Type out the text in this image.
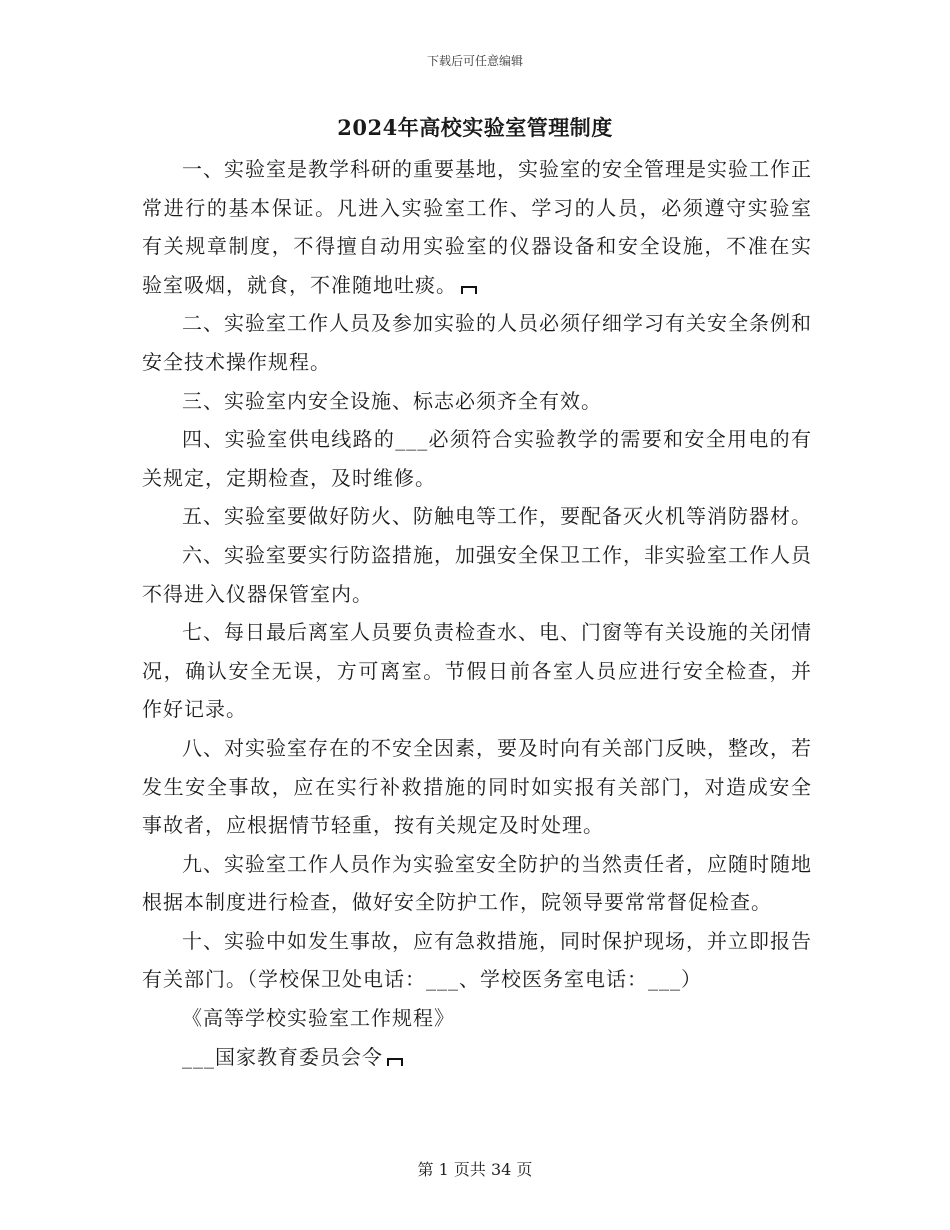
下载后可任意编辑
2024年高校实验室管理制度

一、实验室是教学科研的重要基地，实验室的安全管理是实验工作正常进行的基本保证。凡进入实验室工作、学习的人员，必须遵守实验室有关规章制度，不得擅自动用实验室的仪器设备和安全设施，不准在实验室吸烟，就食，不准随地吐痰。

二、实验室工作人员及参加实验的人员必须仔细学习有关安全条例和安全技术操作规程。

三、实验室内安全设施、标志必须齐全有效。

四、实验室供电线路的___必须符合实验教学的需要和安全用电的有关规定，定期检查，及时维修。

五、实验室要做好防火、防触电等工作，要配备灭火机等消防器材。

六、实验室要实行防盗措施，加强安全保卫工作，非实验室工作人员不得进入仪器保管室内。

七、每日最后离室人员要负责检查水、电、门窗等有关设施的关闭情况，确认安全无误，方可离室。节假日前各室人员应进行安全检查，并作好记录。

八、对实验室存在的不安全因素，要及时向有关部门反映，整改，若发生安全事故，应在实行补救措施的同时如实报有关部门，对造成安全事故者，应根据情节轻重，按有关规定及时处理。

九、实验室工作人员作为实验室安全防护的当然责任者，应随时随地根据本制度进行检查，做好安全防护工作，院领导要常常督促检查。

十、实验中如发生事故，应有急救措施，同时保护现场，并立即报告有关部门。（学校保卫处电话：___、学校医务室电话：___）

《高等学校实验室工作规程》

___国家教育委员会令

第 1 页共 34 页
